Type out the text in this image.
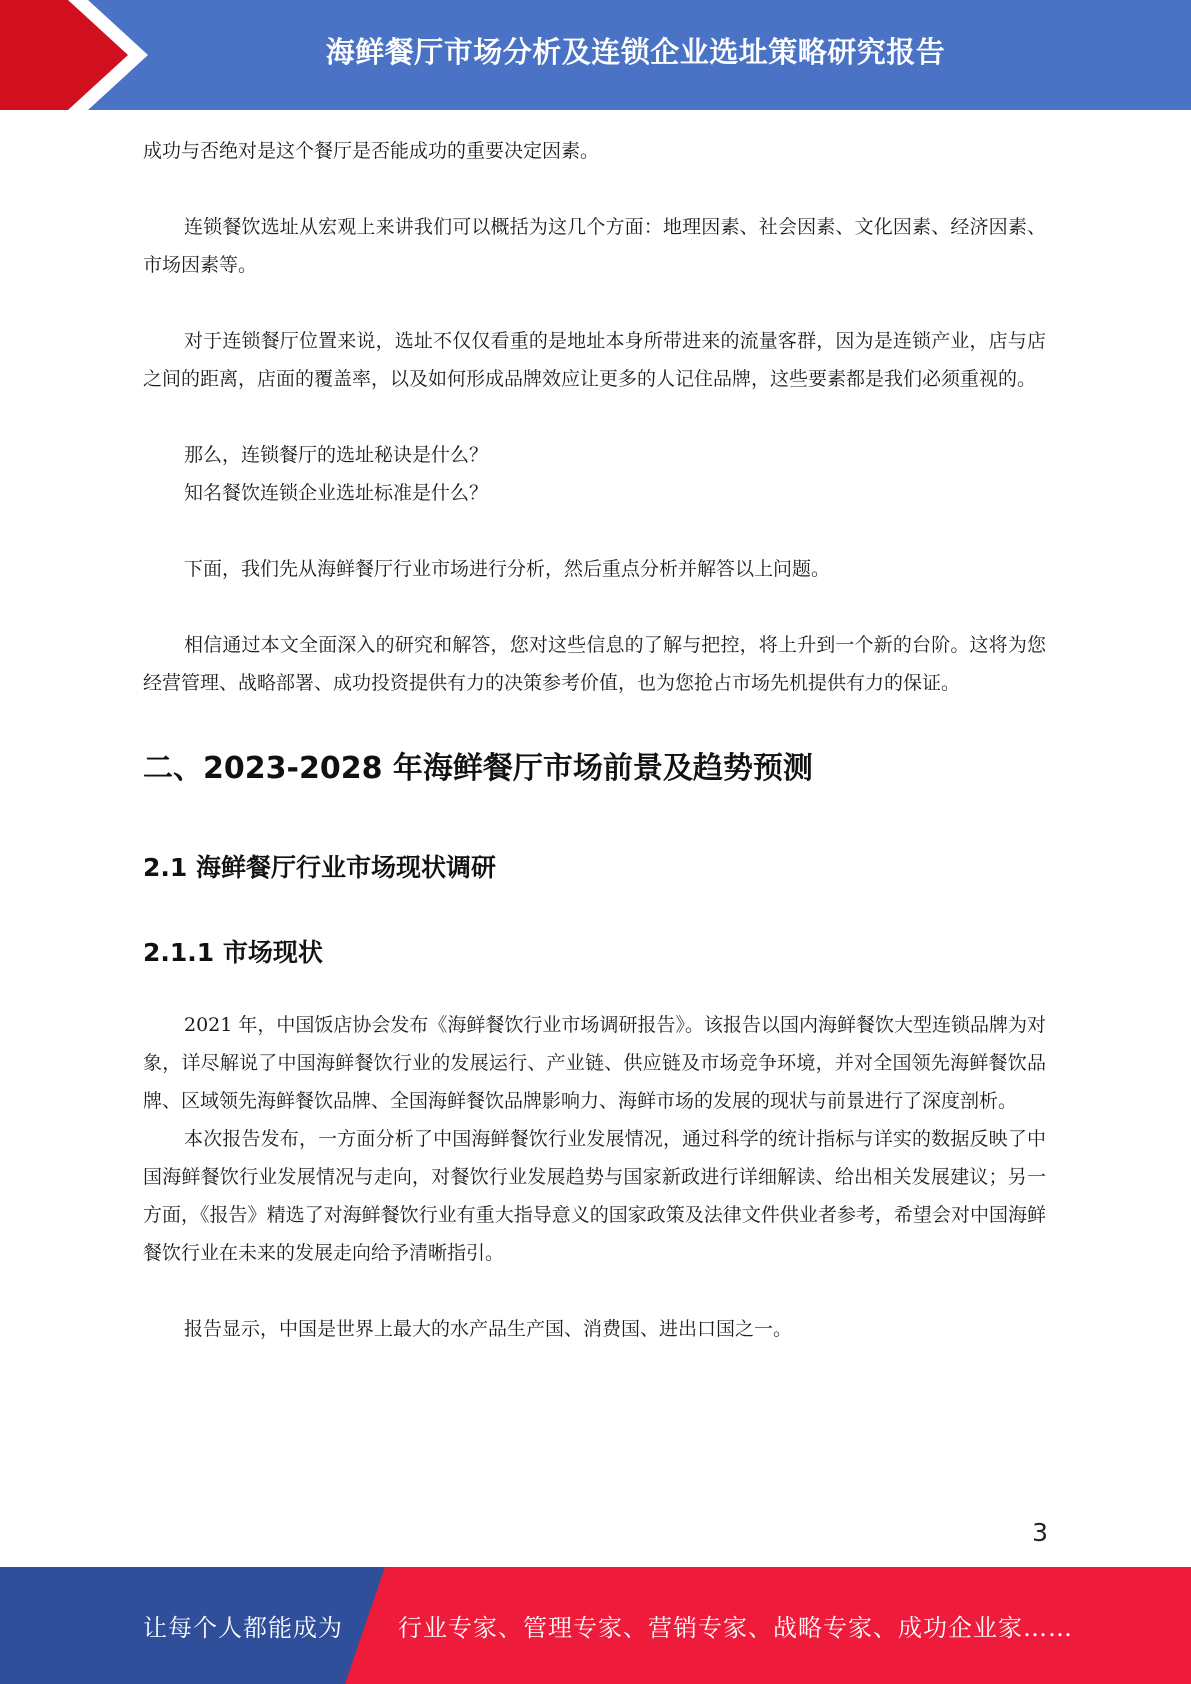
海鲜餐厅市场分析及连锁企业选址策略研究报告

成功与否绝对是这个餐厅是否能成功的重要决定因素。

连锁餐饮选址从宏观上来讲我们可以概括为这几个方面：地理因素、社会因素、文化因素、经济因素、市场因素等。

对于连锁餐厅位置来说，选址不仅仅看重的是地址本身所带进来的流量客群，因为是连锁产业，店与店之间的距离，店面的覆盖率，以及如何形成品牌效应让更多的人记住品牌，这些要素都是我们必须重视的。

那么，连锁餐厅的选址秘诀是什么？

知名餐饮连锁企业选址标准是什么？

下面，我们先从海鲜餐厅行业市场进行分析，然后重点分析并解答以上问题。

相信通过本文全面深入的研究和解答，您对这些信息的了解与把控，将上升到一个新的台阶。这将为您经营管理、战略部署、成功投资提供有力的决策参考价值，也为您抢占市场先机提供有力的保证。

二、2023-2028 年海鲜餐厅市场前景及趋势预测
2.1 海鲜餐厅行业市场现状调研
2.1.1 市场现状

2021 年，中国饭店协会发布《海鲜餐饮行业市场调研报告》。该报告以国内海鲜餐饮大型连锁品牌为对象，详尽解说了中国海鲜餐饮行业的发展运行、产业链、供应链及市场竞争环境，并对全国领先海鲜餐饮品牌、区域领先海鲜餐饮品牌、全国海鲜餐饮品牌影响力、海鲜市场的发展的现状与前景进行了深度剖析。

本次报告发布，一方面分析了中国海鲜餐饮行业发展情况，通过科学的统计指标与详实的数据反映了中国海鲜餐饮行业发展情况与走向，对餐饮行业发展趋势与国家新政进行详细解读、给出相关发展建议；另一方面，《报告》精选了对海鲜餐饮行业有重大指导意义的国家政策及法律文件供业者参考，希望会对中国海鲜餐饮行业在未来的发展走向给予清晰指引。

报告显示，中国是世界上最大的水产品生产国、消费国、进出口国之一。

3
让每个人都能成为 行业专家、管理专家、营销专家、战略专家、成功企业家……
